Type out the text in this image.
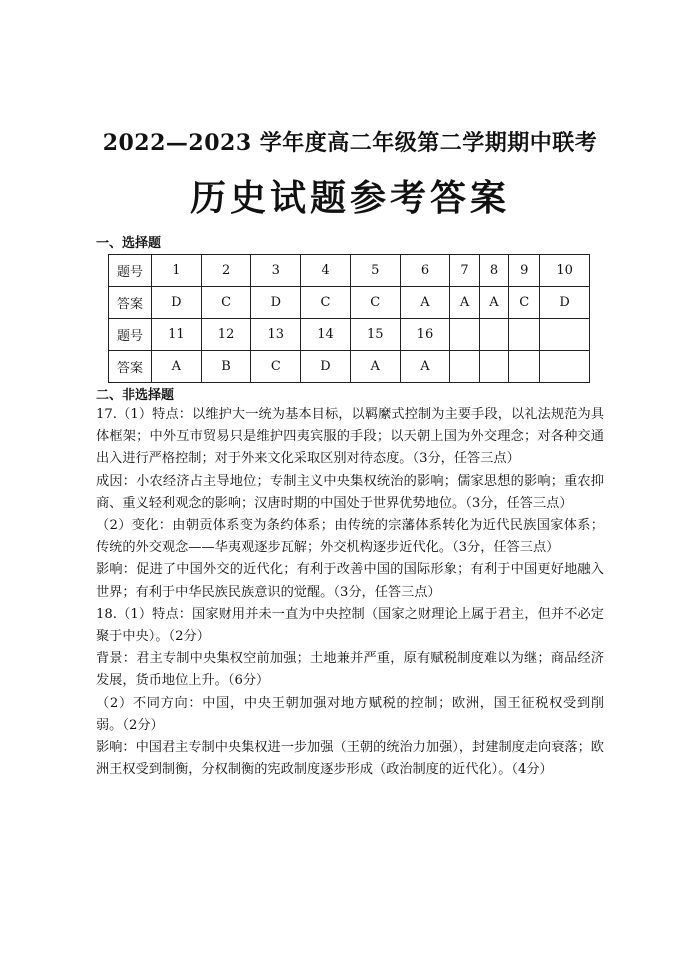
2022—2023 学年度高二年级第二学期期中联考
历史试题参考答案
一、选择题
题号	1	2	3	4	5	6	7	8	9	10
答案	D	C	D	C	C	A	A	A	C	D
题号	11	12	13	14	15	16				
答案	A	B	C	D	A	A				
二、非选择题

17.（1）特点：以维护大一统为基本目标，以羁縻式控制为主要手段，以礼法规范为具体框架；中外互市贸易只是维护四夷宾服的手段；以天朝上国为外交理念；对各种交通出入进行严格控制；对于外来文化采取区别对待态度。（3分，任答三点）

成因：小农经济占主导地位；专制主义中央集权统治的影响；儒家思想的影响；重农抑商、重义轻利观念的影响；汉唐时期的中国处于世界优势地位。（3分，任答三点）

（2）变化：由朝贡体系变为条约体系；由传统的宗藩体系转化为近代民族国家体系；传统的外交观念——华夷观逐步瓦解；外交机构逐步近代化。（3分，任答三点）

影响：促进了中国外交的近代化；有利于改善中国的国际形象；有利于中国更好地融入世界；有利于中华民族民族意识的觉醒。（3分，任答三点）

18.（1）特点：国家财用并未一直为中央控制（国家之财理论上属于君主，但并不必定聚于中央）。（2分）

背景：君主专制中央集权空前加强；土地兼并严重，原有赋税制度难以为继；商品经济发展，货币地位上升。（6分）

（2）不同方向：中国，中央王朝加强对地方赋税的控制；欧洲，国王征税权受到削弱。（2分）

影响：中国君主专制中央集权进一步加强（王朝的统治力加强），封建制度走向衰落；欧洲王权受到制衡，分权制衡的宪政制度逐步形成（政治制度的近代化）。（4分）
